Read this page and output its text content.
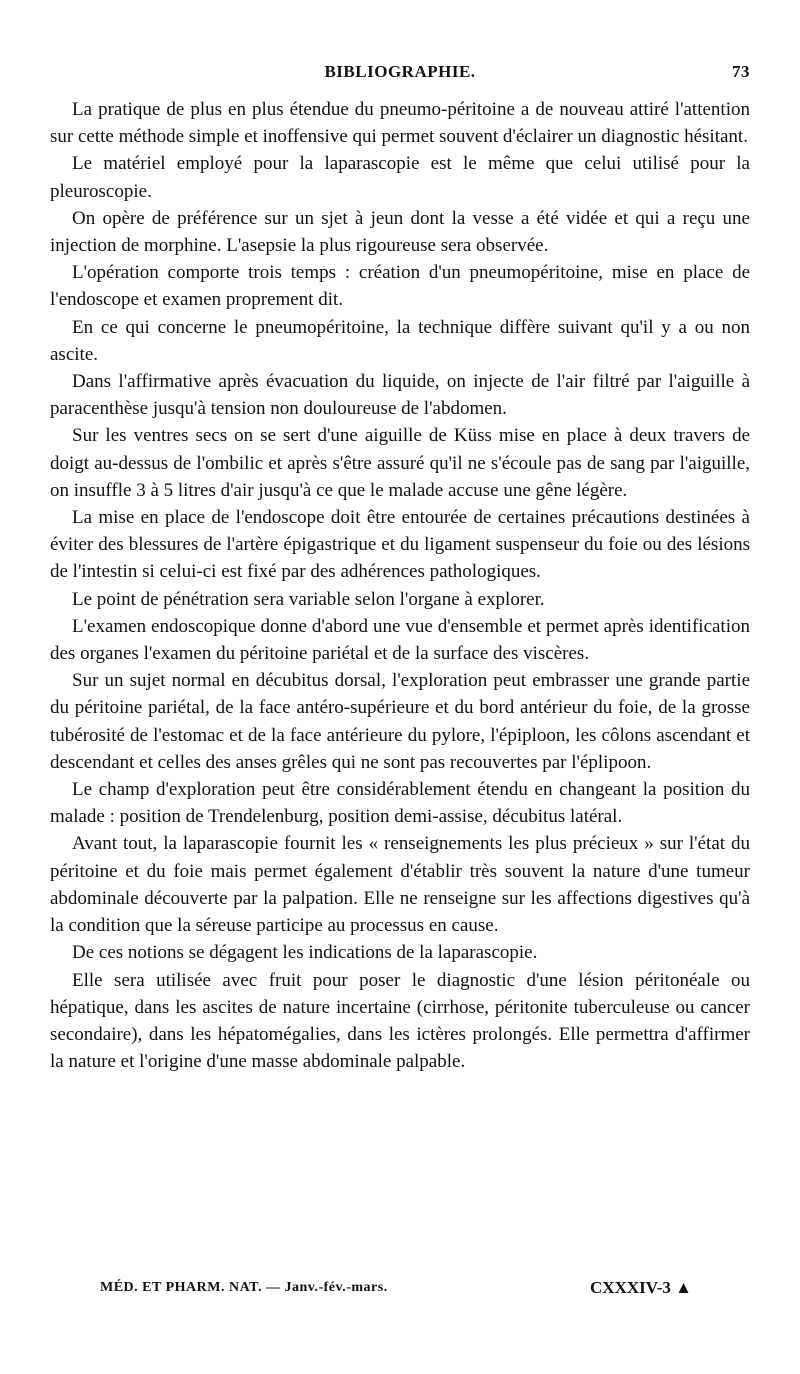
BIBLIOGRAPHIE.	73

La pratique de plus en plus étendue du pneumo-péritoine a de nouveau attiré l'attention sur cette méthode simple et inoffensive qui permet souvent d'éclairer un diagnostic hésitant.

Le matériel employé pour la laparascopie est le même que celui utilisé pour la pleuroscopie.

On opère de préférence sur un sjet à jeun dont la vesse a été vidée et qui a reçu une injection de morphine. L'asepsie la plus rigoureuse sera observée.

L'opération comporte trois temps : création d'un pneumopéritoine, mise en place de l'endoscope et examen proprement dit.

En ce qui concerne le pneumopéritoine, la technique diffère suivant qu'il y a ou non ascite.

Dans l'affirmative après évacuation du liquide, on injecte de l'air filtré par l'aiguille à paracenthèse jusqu'à tension non douloureuse de l'abdomen.

Sur les ventres secs on se sert d'une aiguille de Küss mise en place à deux travers de doigt au-dessus de l'ombilic et après s'être assuré qu'il ne s'écoule pas de sang par l'aiguille, on insuffle 3 à 5 litres d'air jusqu'à ce que le malade accuse une gêne légère.

La mise en place de l'endoscope doit être entourée de certaines précautions destinées à éviter des blessures de l'artère épigastrique et du ligament suspenseur du foie ou des lésions de l'intestin si celui-ci est fixé par des adhérences pathologiques.

Le point de pénétration sera variable selon l'organe à explorer.

L'examen endoscopique donne d'abord une vue d'ensemble et permet après identification des organes l'examen du péritoine pariétal et de la surface des viscères.

Sur un sujet normal en décubitus dorsal, l'exploration peut embrasser une grande partie du péritoine pariétal, de la face antéro-supérieure et du bord antérieur du foie, de la grosse tubérosité de l'estomac et de la face antérieure du pylore, l'épiploon, les côlons ascendant et descendant et celles des anses grêles qui ne sont pas recouvertes par l'éplipoon.

Le champ d'exploration peut être considérablement étendu en changeant la position du malade : position de Trendelenburg, position demi-assise, décubitus latéral.

Avant tout, la laparascopie fournit les « renseignements les plus précieux » sur l'état du péritoine et du foie mais permet également d'établir très souvent la nature d'une tumeur abdominale découverte par la palpation. Elle ne renseigne sur les affections digestives qu'à la condition que la séreuse participe au processus en cause.

De ces notions se dégagent les indications de la laparascopie.

Elle sera utilisée avec fruit pour poser le diagnostic d'une lésion péritonéale ou hépatique, dans les ascites de nature incertaine (cirrhose, péritonite tuberculeuse ou cancer secondaire), dans les hépatomégalies, dans les ictères prolongés. Elle permettra d'affirmer la nature et l'origine d'une masse abdominale palpable.

MÉD. ET PHARM. NAT. — Janv.-fév.-mars.	CXXXIV-3 ▲
